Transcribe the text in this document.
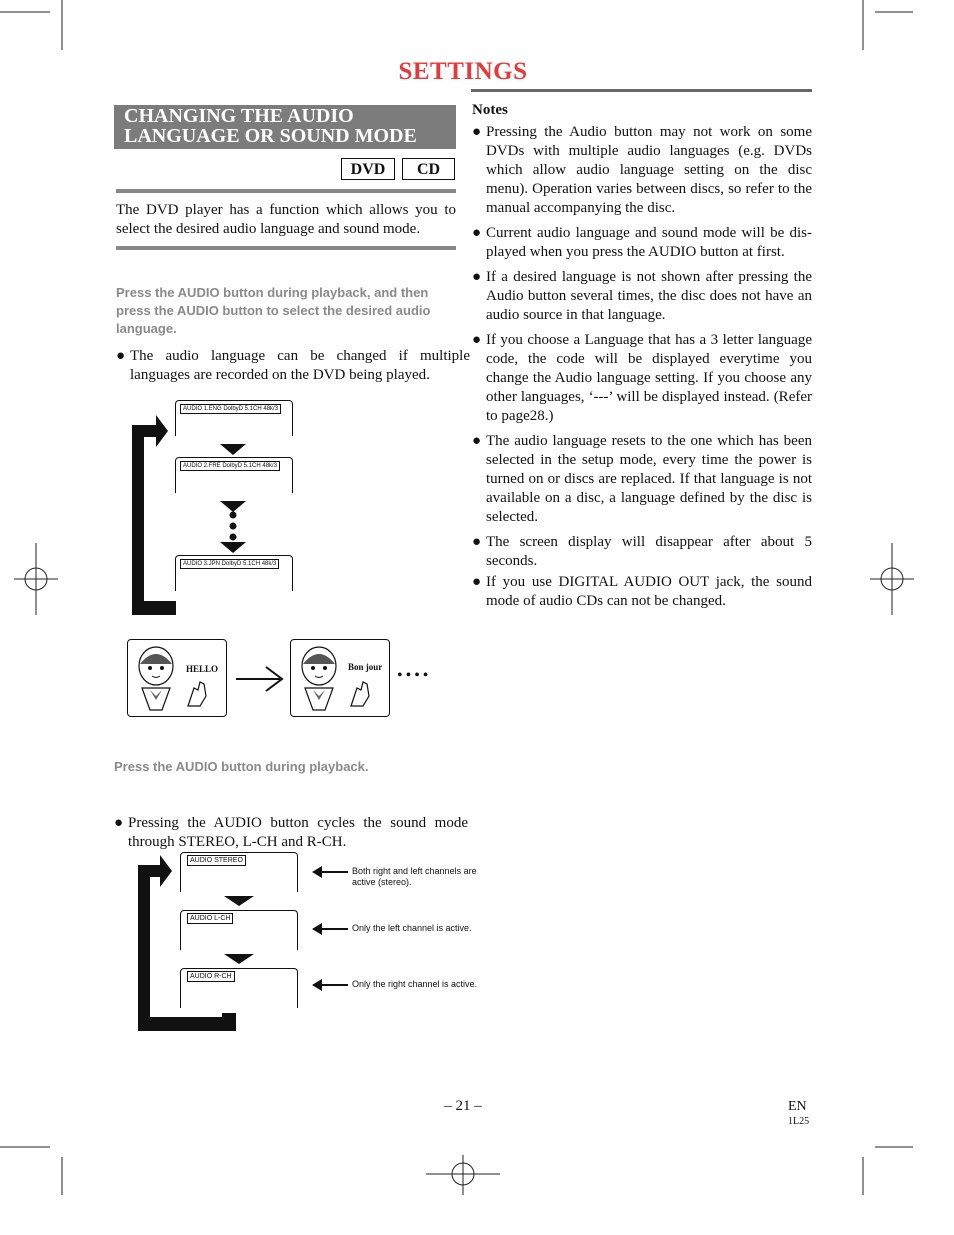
SETTINGS
CHANGING THE AUDIO
LANGUAGE OR SOUND MODE
DVD	CD
The DVD player has a function which allows you to select the desired audio language and sound mode.
Press the AUDIO button during playback, and then press the AUDIO button to select the desired audio language.
● The audio language can be changed if multiple languages are recorded on the DVD being played.
AUDIO 1.ENG DolbyD 5.1CH 48k/3
AUDIO 2.FRE DolbyD 5.1CH 48k/3
AUDIO 3.JPN DolbyD 5.1CH 48k/3
HELLO	Bon jour ••••
Press the AUDIO button during playback.
● Pressing the AUDIO button cycles the sound mode through STEREO, L-CH and R-CH.
AUDIO STEREO
AUDIO L-CH
AUDIO R-CH
Both right and left channels are active (stereo).
Only the left channel is active.
Only the right channel is active.
Notes
● Pressing the Audio button may not work on some DVDs with multiple audio languages (e.g. DVDs which allow audio language setting on the disc menu). Operation varies between discs, so refer to the manual accompanying the disc.
● Current audio language and sound mode will be dis-played when you press the AUDIO button at first.
● If a desired language is not shown after pressing the Audio button several times, the disc does not have an audio source in that language.
● If you choose a Language that has a 3 letter language code, the code will be displayed everytime you change the Audio language setting. If you choose any other languages, ‘---’ will be displayed instead. (Refer to page28.)
● The audio language resets to the one which has been selected in the setup mode, every time the power is turned on or discs are replaced. If that language is not available on a disc, a language defined by the disc is selected.
● The screen display will disappear after about 5 seconds.
● If you use DIGITAL AUDIO OUT jack, the sound mode of audio CDs can not be changed.
– 21 –	EN
1L25
